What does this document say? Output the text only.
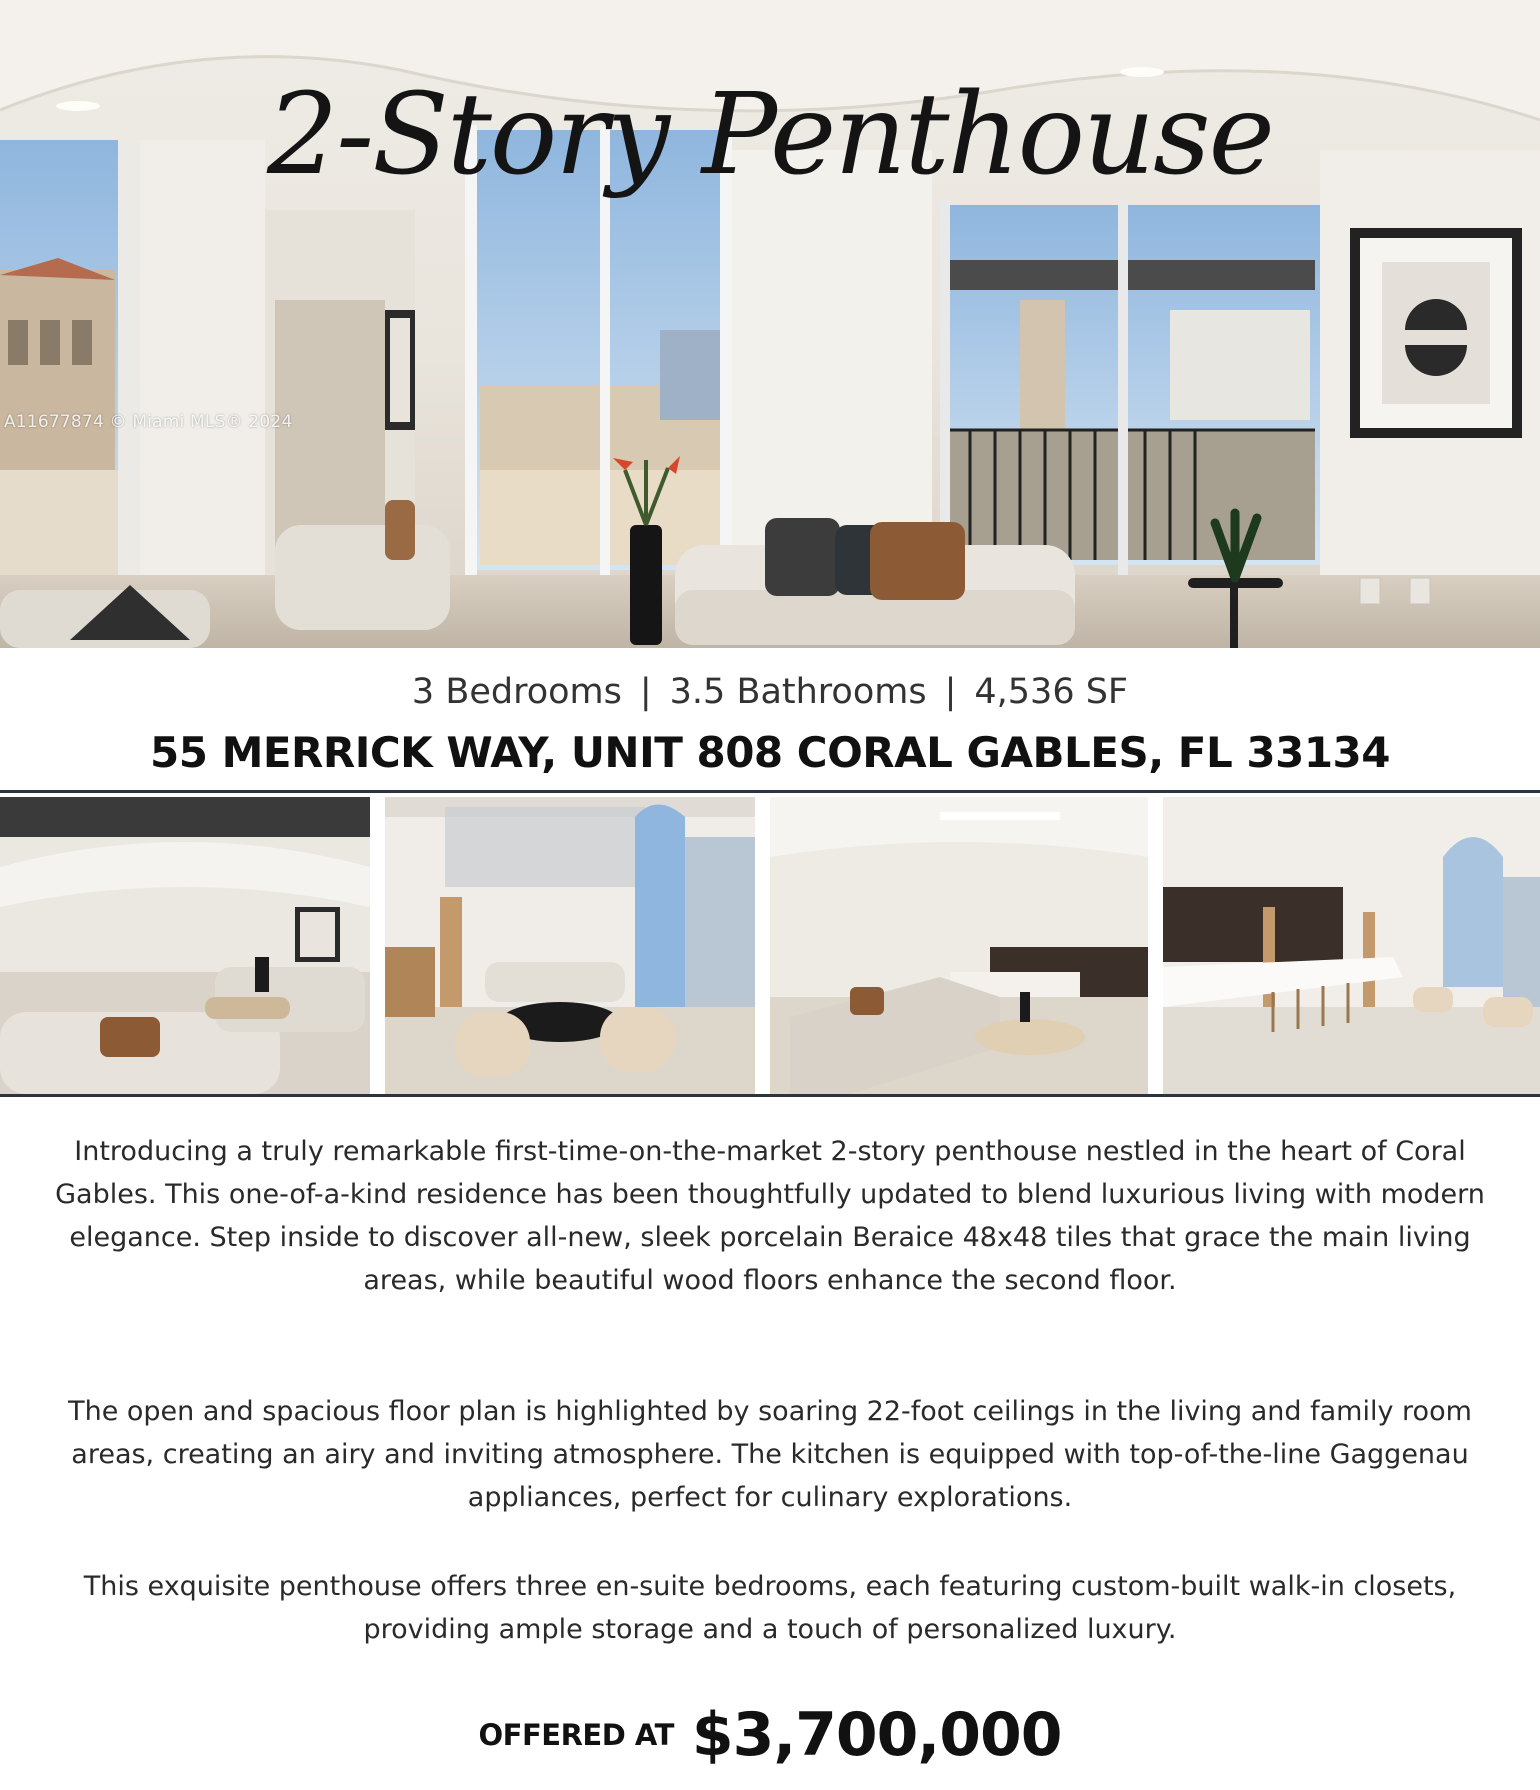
A11677874 © Miami MLS® 2024
2-Story Penthouse
3 Bedrooms | 3.5 Bathrooms | 4,536 SF
55 MERRICK WAY, UNIT 808 CORAL GABLES, FL 33134

Introducing a truly remarkable first-time-on-the-market 2-story penthouse nestled in the heart of Coral Gables. This one-of-a-kind residence has been thoughtfully updated to blend luxurious living with modern elegance. Step inside to discover all-new, sleek porcelain Beraice 48x48 tiles that grace the main living areas, while beautiful wood floors enhance the second floor.

The open and spacious floor plan is highlighted by soaring 22-foot ceilings in the living and family room areas, creating an airy and inviting atmosphere. The kitchen is equipped with top-of-the-line Gaggenau appliances, perfect for culinary explorations.

This exquisite penthouse offers three en-suite bedrooms, each featuring custom-built walk-in closets, providing ample storage and a touch of personalized luxury.

OFFERED AT $3,700,000
